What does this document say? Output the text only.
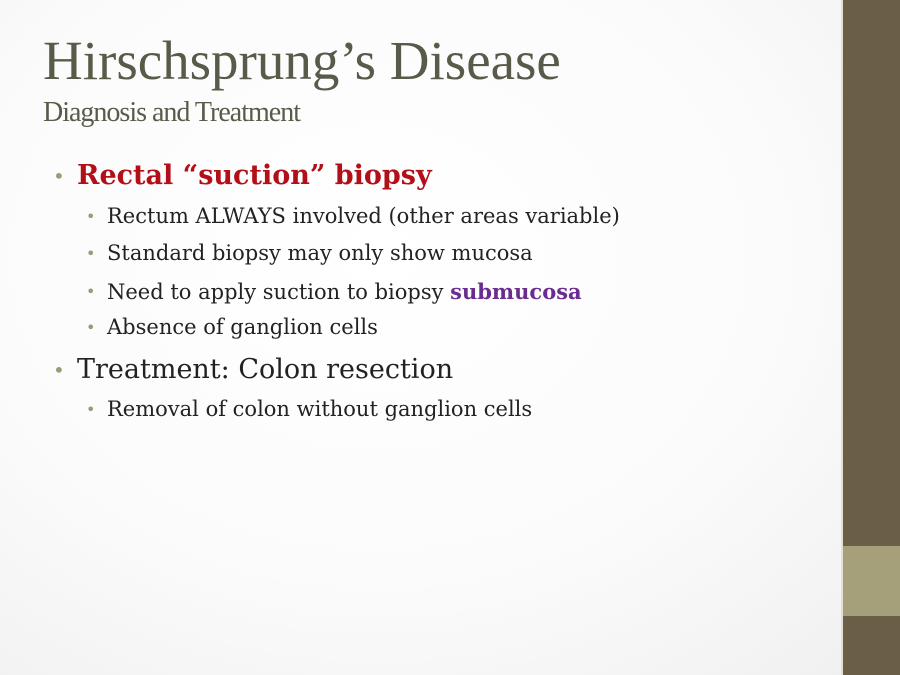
Hirschsprung’s Disease
Diagnosis and Treatment
• Rectal “suction” biopsy
• Rectum ALWAYS involved (other areas variable)
• Standard biopsy may only show mucosa
• Need to apply suction to biopsy submucosa
• Absence of ganglion cells
• Treatment: Colon resection
• Removal of colon without ganglion cells
